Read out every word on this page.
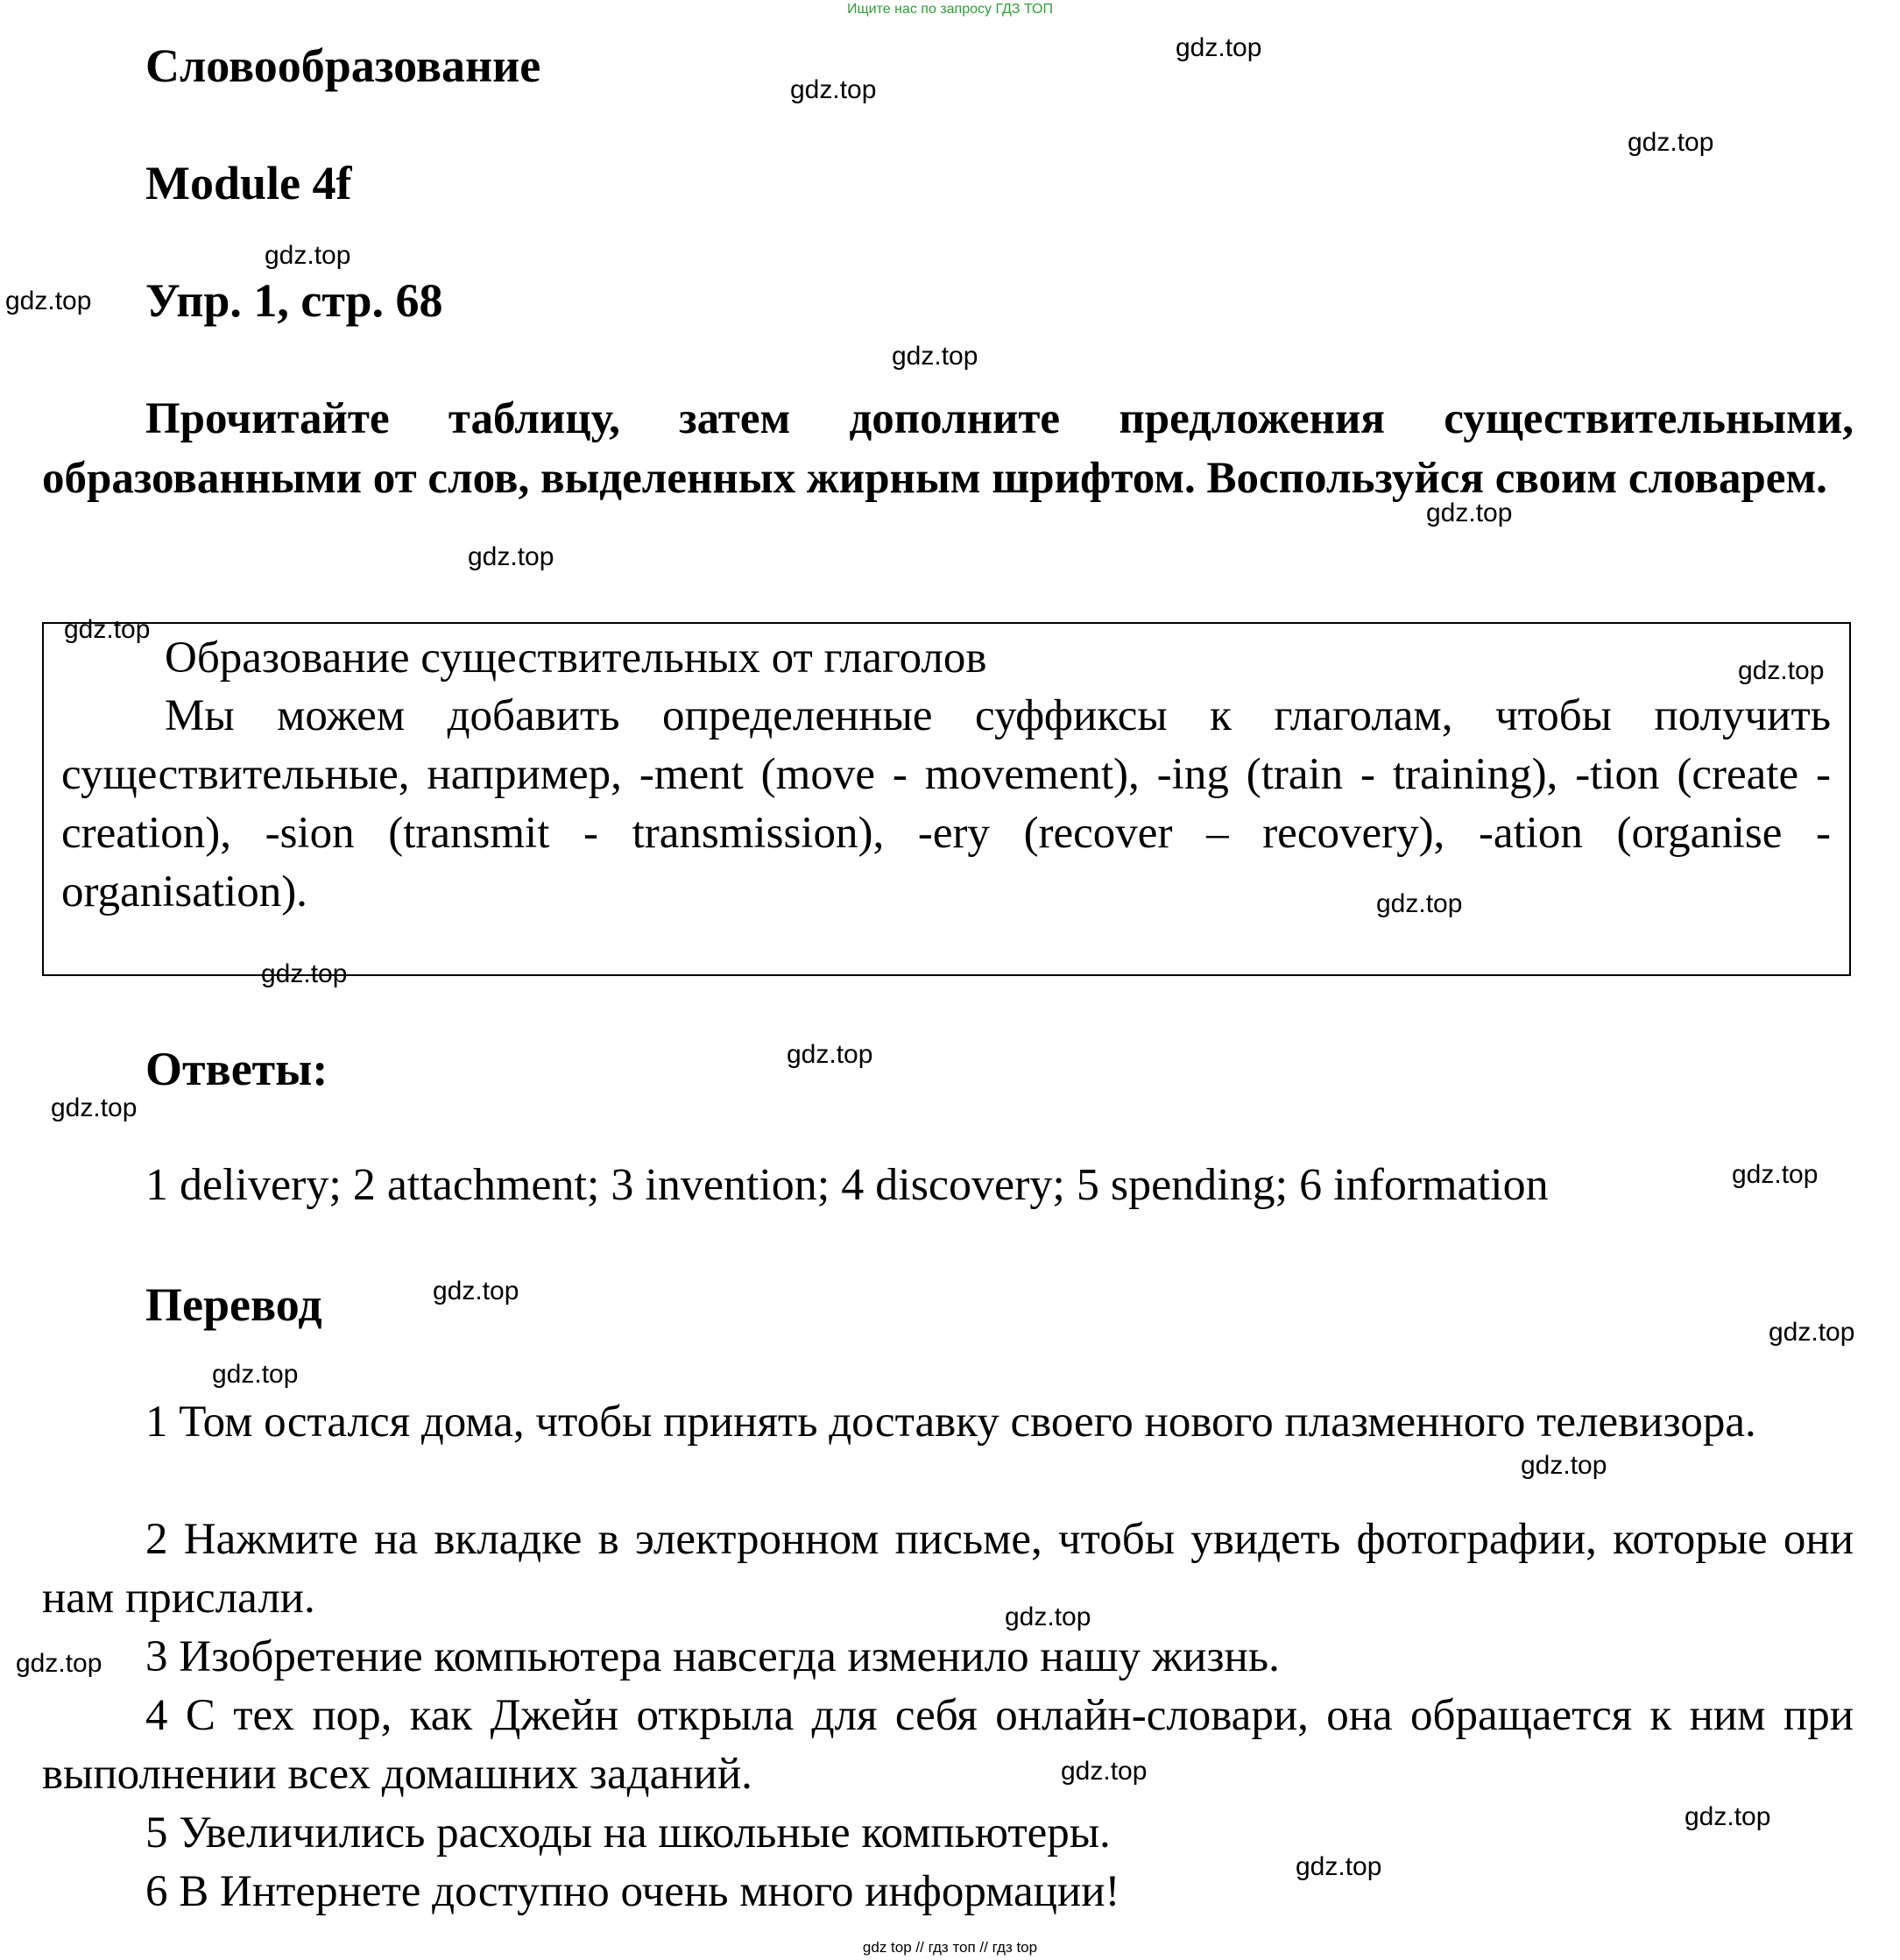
Ищите нас по запросу ГДЗ ТОП
Словообразование
Module 4f
Упр. 1, стр. 68
Прочитайте таблицу, затем дополните предложения существительными, образованными от слов, выделенных жирным шрифтом. Воспользуйся своим словарем.
Образование существительных от глаголов
Мы можем добавить определенные суффиксы к глаголам, чтобы получить существительные, например, -ment (move - movement), -ing (train - training), -tion (create - creation), -sion (transmit - transmission), -ery (recover – recovery), -ation (organise - organisation).
Ответы:
1 delivery; 2 attachment; 3 invention; 4 discovery; 5 spending; 6 information
Перевод
1 Том остался дома, чтобы принять доставку своего нового плазменного телевизора.
2 Нажмите на вкладке в электронном письме, чтобы увидеть фотографии, которые они нам прислали.
3 Изобретение компьютера навсегда изменило нашу жизнь.
4 С тех пор, как Джейн открыла для себя онлайн-словари, она обращается к ним при выполнении всех домашних заданий.
5 Увеличились расходы на школьные компьютеры.
6 В Интернете доступно очень много информации!
gdz.top
gdz.top
gdz.top
gdz.top
gdz.top
gdz.top
gdz.top
gdz.top
gdz.top
gdz.top
gdz.top
gdz.top
gdz.top
gdz.top
gdz.top
gdz.top
gdz.top
gdz.top
gdz.top
gdz.top
gdz.top
gdz.top
gdz.top
gdz.top
gdz top // гдз топ // гдз top
